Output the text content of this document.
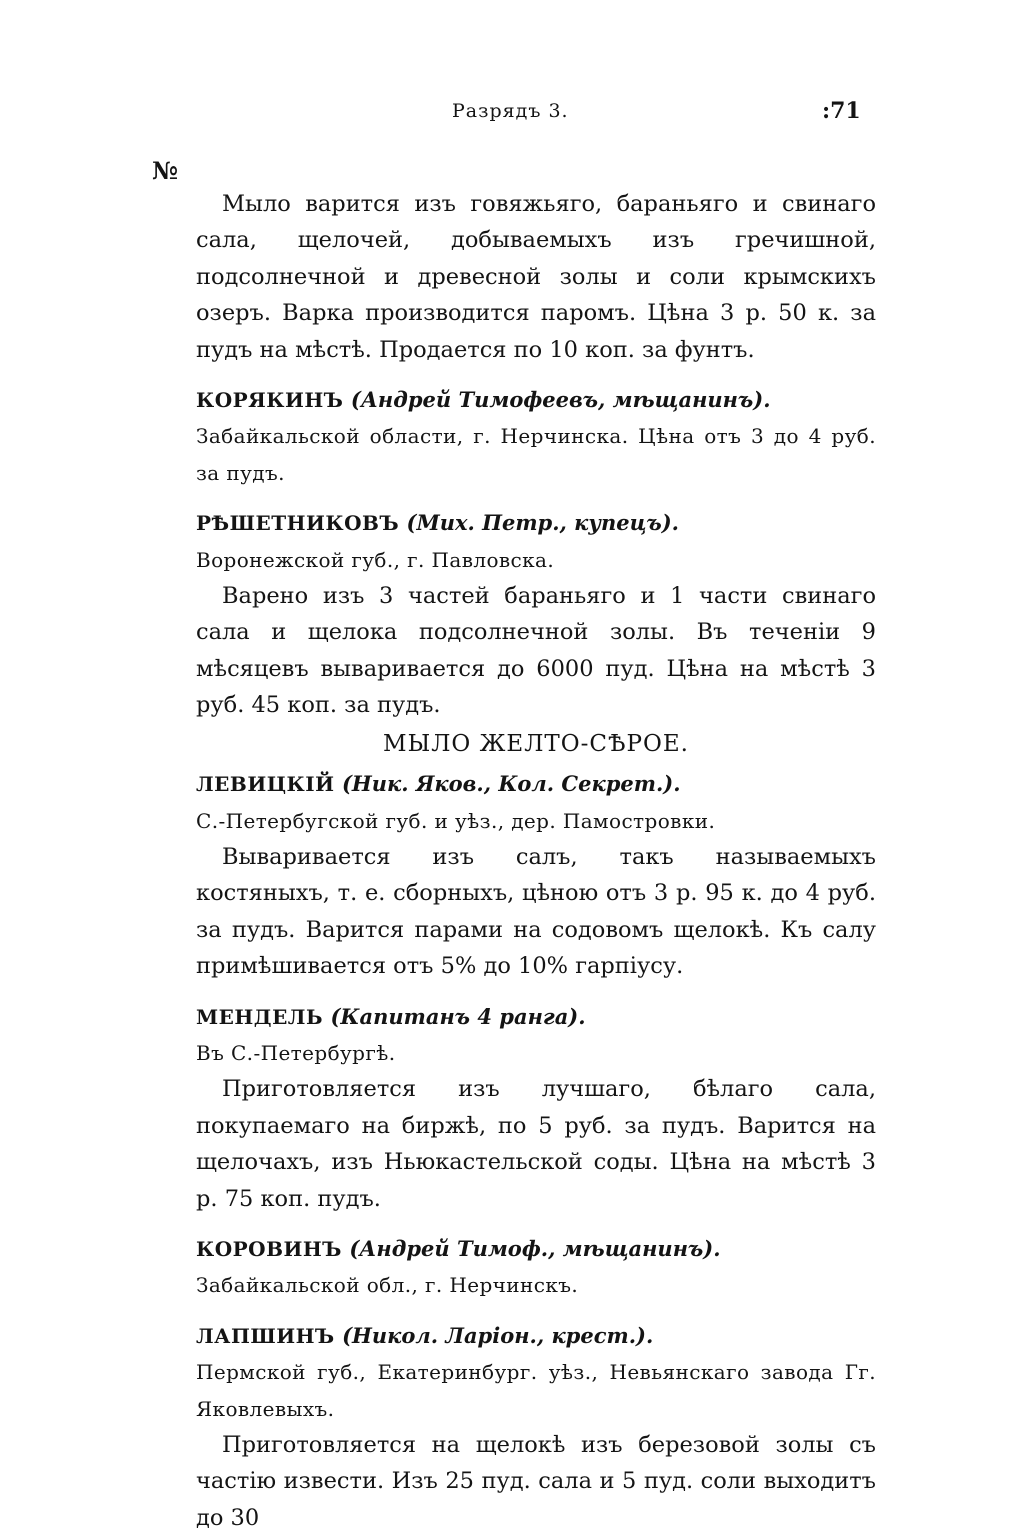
Разрядъ 3.	:71
№

Мыло варится изъ говяжьяго, бараньяго и свинаго сала, щелочей, добываемыхъ изъ гречишной, подсолнечной и древесной золы и соли крымскихъ озеръ. Варка производится паромъ. Цѣна 3 р. 50 к. за пудъ на мѣстѣ. Продается по 10 коп. за фунтъ.

КОРЯКИНЪ (Андрей Тимофеевъ, мѣщанинъ).

Забайкальской области, г. Нерчинска. Цѣна отъ 3 до 4 руб. за пудъ.

РѢШЕТНИКОВЪ (Мих. Петр., купецъ).

Воронежской губ., г. Павловска.

Варено изъ 3 частей бараньяго и 1 части свинаго сала и щелока подсолнечной золы. Въ теченіи 9 мѣсяцевъ вываривается до 6000 пуд. Цѣна на мѣстѣ 3 руб. 45 коп. за пудъ.

МЫЛО ЖЕЛТО-СѢРОЕ.

ЛЕВИЦКІЙ (Ник. Яков., Кол. Секрет.).

С.-Петербугской губ. и уѣз., дер. Памостровки.

Вываривается изъ салъ, такъ называемыхъ костяныхъ, т. е. сборныхъ, цѣною отъ 3 р. 95 к. до 4 руб. за пудъ. Варится парами на содовомъ щелокѣ. Къ салу примѣшивается отъ 5% до 10% гарпіусу.

МЕНДЕЛЬ (Капитанъ 4 ранга).

Въ С.-Петербургѣ.

Приготовляется изъ лучшаго, бѣлаго сала, покупаемаго на биржѣ, по 5 руб. за пудъ. Варится на щелочахъ, изъ Ньюкастельской соды. Цѣна на мѣстѣ 3 р. 75 коп. пудъ.

КОРОВИНЪ (Андрей Тимоф., мѣщанинъ).

Забайкальской обл., г. Нерчинскъ.

ЛАПШИНЪ (Никол. Ларіон., крест.).

Пермской губ., Екатеринбург. уѣз., Невьянскаго завода Гг. Яковлевыхъ.

Приготовляется на щелокѣ изъ березовой золы съ частію извести. Изъ 25 пуд. сала и 5 пуд. соли выходитъ до 30
